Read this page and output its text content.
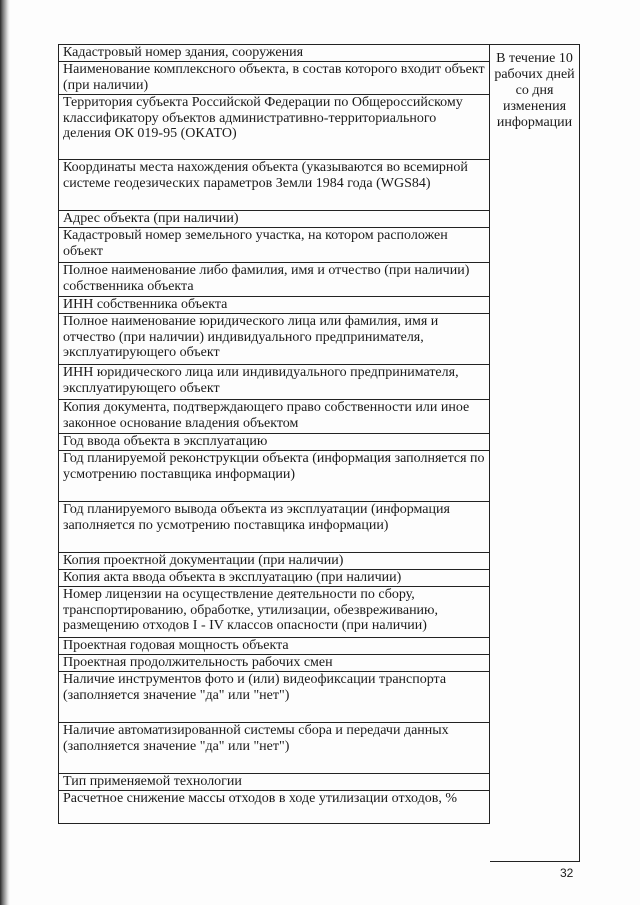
Кадастровый номер здания, сооружения
Наименование комплексного объекта, в состав которого входит объект (при наличии)
Территория субъекта Российской Федерации по Общероссийскому классификатору объектов административно-территориального деления ОК 019-95 (ОКАТО)
Координаты места нахождения объекта (указываются во всемирной системе геодезических параметров Земли 1984 года (WGS84)
Адрес объекта (при наличии)
Кадастровый номер земельного участка, на котором расположен объект
Полное наименование либо фамилия, имя и отчество (при наличии) собственника объекта
ИНН собственника объекта
Полное наименование юридического лица или фамилия, имя и отчество (при наличии) индивидуального предпринимателя, эксплуатирующего объект
ИНН юридического лица или индивидуального предпринимателя, эксплуатирующего объект
Копия документа, подтверждающего право собственности или иное законное основание владения объектом
Год ввода объекта в эксплуатацию
Год планируемой реконструкции объекта (информация заполняется по усмотрению поставщика информации)
Год планируемого вывода объекта из эксплуатации (информация заполняется по усмотрению поставщика информации)
Копия проектной документации (при наличии)
Копия акта ввода объекта в эксплуатацию (при наличии)
Номер лицензии на осуществление деятельности по сбору, транспортированию, обработке, утилизации, обезвреживанию, размещению отходов I - IV классов опасности (при наличии)
Проектная годовая мощность объекта
Проектная продолжительность рабочих смен
Наличие инструментов фото и (или) видеофиксации транспорта (заполняется значение "да" или "нет")
Наличие автоматизированной системы сбора и передачи данных (заполняется значение "да" или "нет")
Тип применяемой технологии
Расчетное снижение массы отходов в ходе утилизации отходов, %
В течение 10 рабочих дней со дня изменения информации
32
